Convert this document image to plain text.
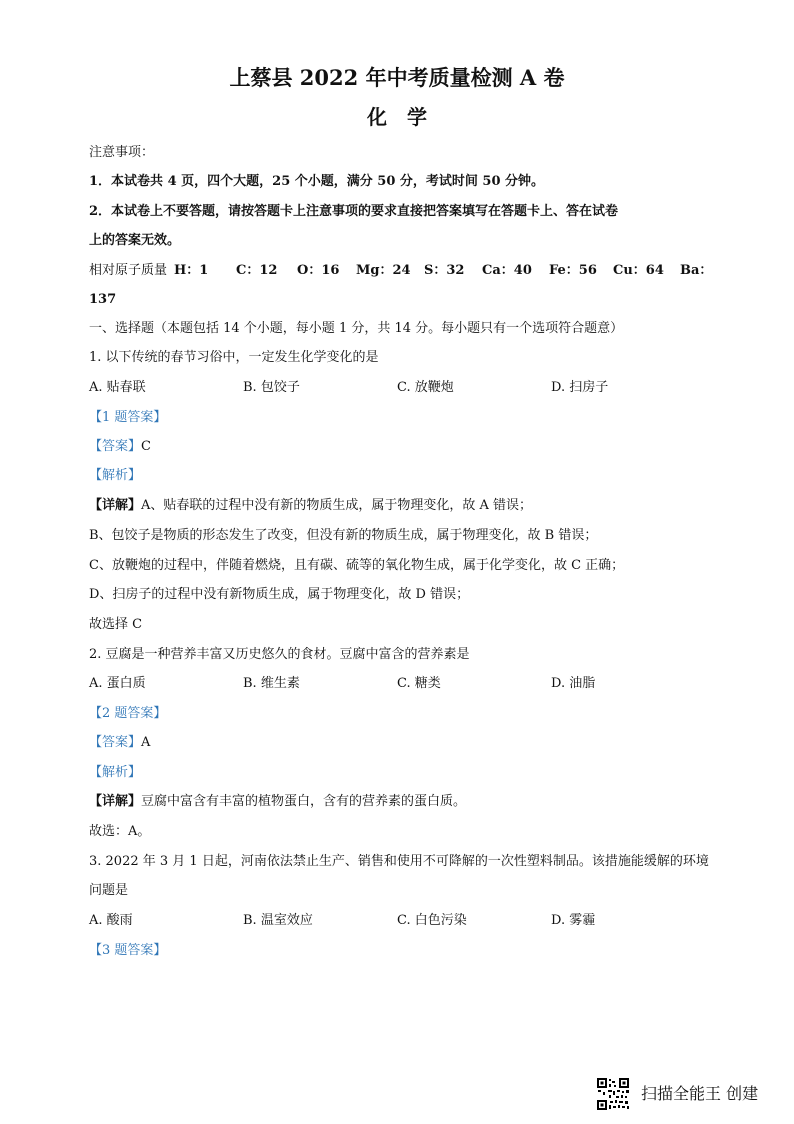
上蔡县 2022 年中考质量检测 A 卷
化　学
注意事项：
1．本试卷共 4 页，四个大题，25 个小题，满分 50 分，考试时间 50 分钟。
2．本试卷上不要答题，请按答题卡上注意事项的要求直接把答案填写在答题卡上、答在试卷
上的答案无效。
相对原子质量 H：1 C：12 O：16 Mg：24 S：32 Ca：40 Fe：56 Cu：64 Ba：
137
一、选择题（本题包括 14 个小题，每小题 1 分，共 14 分。每小题只有一个选项符合题意）
1. 以下传统的春节习俗中，一定发生化学变化的是
A. 贴春联	B. 包饺子	C. 放鞭炮	D. 扫房子
【1 题答案】
【答案】C
【解析】
【详解】A、贴春联的过程中没有新的物质生成，属于物理变化，故 A 错误；
B、包饺子是物质的形态发生了改变，但没有新的物质生成，属于物理变化，故 B 错误；
C、放鞭炮的过程中，伴随着燃烧，且有碳、硫等的氧化物生成，属于化学变化，故 C 正确；
D、扫房子的过程中没有新物质生成，属于物理变化，故 D 错误；
故选择 C
2. 豆腐是一种营养丰富又历史悠久的食材。豆腐中富含的营养素是
A. 蛋白质	B. 维生素	C. 糖类	D. 油脂
【2 题答案】
【答案】A
【解析】
【详解】豆腐中富含有丰富的植物蛋白，含有的营养素的蛋白质。
故选：A。
3. 2022 年 3 月 1 日起，河南依法禁止生产、销售和使用不可降解的一次性塑料制品。该措施能缓解的环境
问题是
A. 酸雨	B. 温室效应	C. 白色污染	D. 雾霾
【3 题答案】
扫描全能王 创建
